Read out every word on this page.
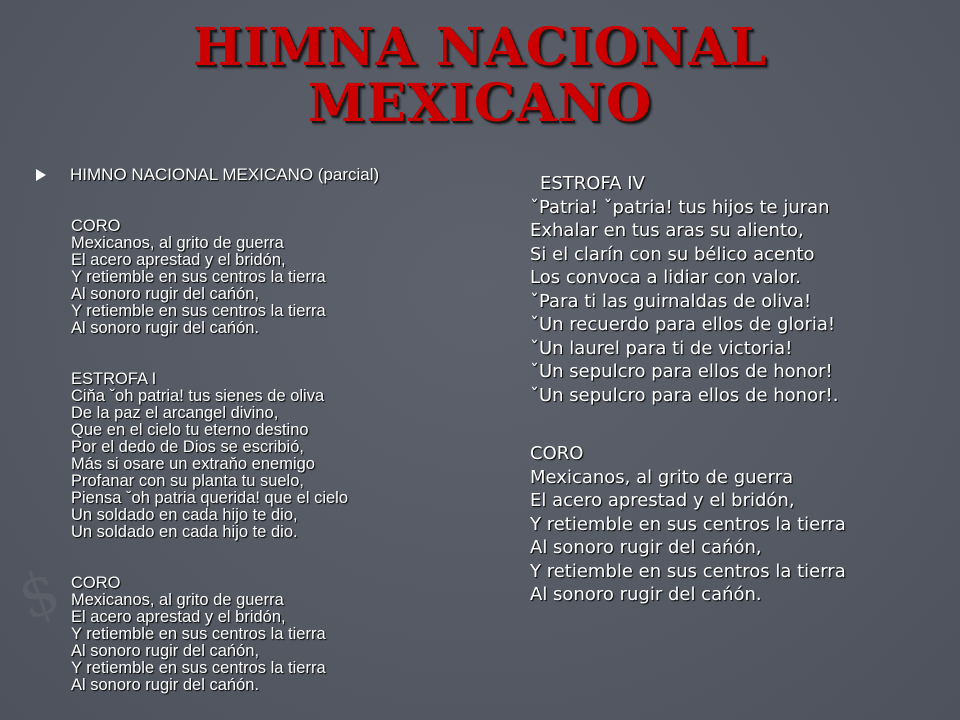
$
HIMNA NACIONAL MEXICANO
HIMNO NACIONAL MEXICANO (parcial)
CORO
Mexicanos, al grito de guerra
El acero aprestad y el bridón,
Y retiemble en sus centros la tierra
Al sonoro rugir del cańón,
Y retiemble en sus centros la tierra
Al sonoro rugir del cańón.
ESTROFA I
Ciňa ˇoh patria! tus sienes de oliva
De la paz el arcangel divino,
Que en el cielo tu eterno destino
Por el dedo de Dios se escribió,
Más si osare un extraňo enemigo
Profanar con su planta tu suelo,
Piensa ˇoh patria querida! que el cielo
Un soldado en cada hijo te dio,
Un soldado en cada hijo te dio.
CORO
Mexicanos, al grito de guerra
El acero aprestad y el bridón,
Y retiemble en sus centros la tierra
Al sonoro rugir del cańón,
Y retiemble en sus centros la tierra
Al sonoro rugir del cańón.
ESTROFA IV
ˇPatria! ˇpatria! tus hijos te juran
Exhalar en tus aras su aliento,
Si el clarín con su bélico acento
Los convoca a lidiar con valor.
ˇPara ti las guirnaldas de oliva!
ˇUn recuerdo para ellos de gloria!
ˇUn laurel para ti de victoria!
ˇUn sepulcro para ellos de honor!
ˇUn sepulcro para ellos de honor!.
CORO
Mexicanos, al grito de guerra
El acero aprestad y el bridón,
Y retiemble en sus centros la tierra
Al sonoro rugir del cańón,
Y retiemble en sus centros la tierra
Al sonoro rugir del cańón.
